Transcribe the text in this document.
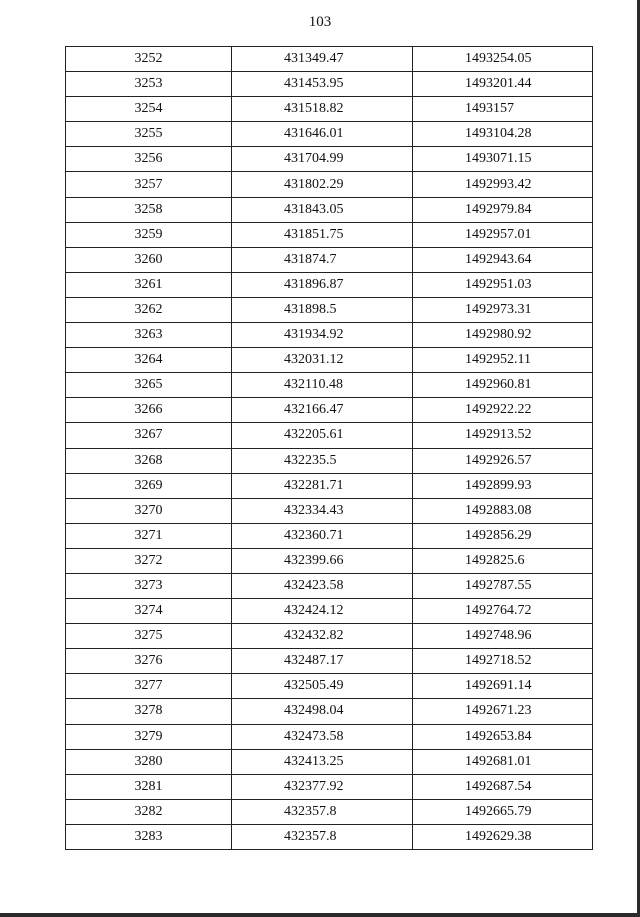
103
3252	431349.47	1493254.05
3253	431453.95	1493201.44
3254	431518.82	1493157
3255	431646.01	1493104.28
3256	431704.99	1493071.15
3257	431802.29	1492993.42
3258	431843.05	1492979.84
3259	431851.75	1492957.01
3260	431874.7	1492943.64
3261	431896.87	1492951.03
3262	431898.5	1492973.31
3263	431934.92	1492980.92
3264	432031.12	1492952.11
3265	432110.48	1492960.81
3266	432166.47	1492922.22
3267	432205.61	1492913.52
3268	432235.5	1492926.57
3269	432281.71	1492899.93
3270	432334.43	1492883.08
3271	432360.71	1492856.29
3272	432399.66	1492825.6
3273	432423.58	1492787.55
3274	432424.12	1492764.72
3275	432432.82	1492748.96
3276	432487.17	1492718.52
3277	432505.49	1492691.14
3278	432498.04	1492671.23
3279	432473.58	1492653.84
3280	432413.25	1492681.01
3281	432377.92	1492687.54
3282	432357.8	1492665.79
3283	432357.8	1492629.38
